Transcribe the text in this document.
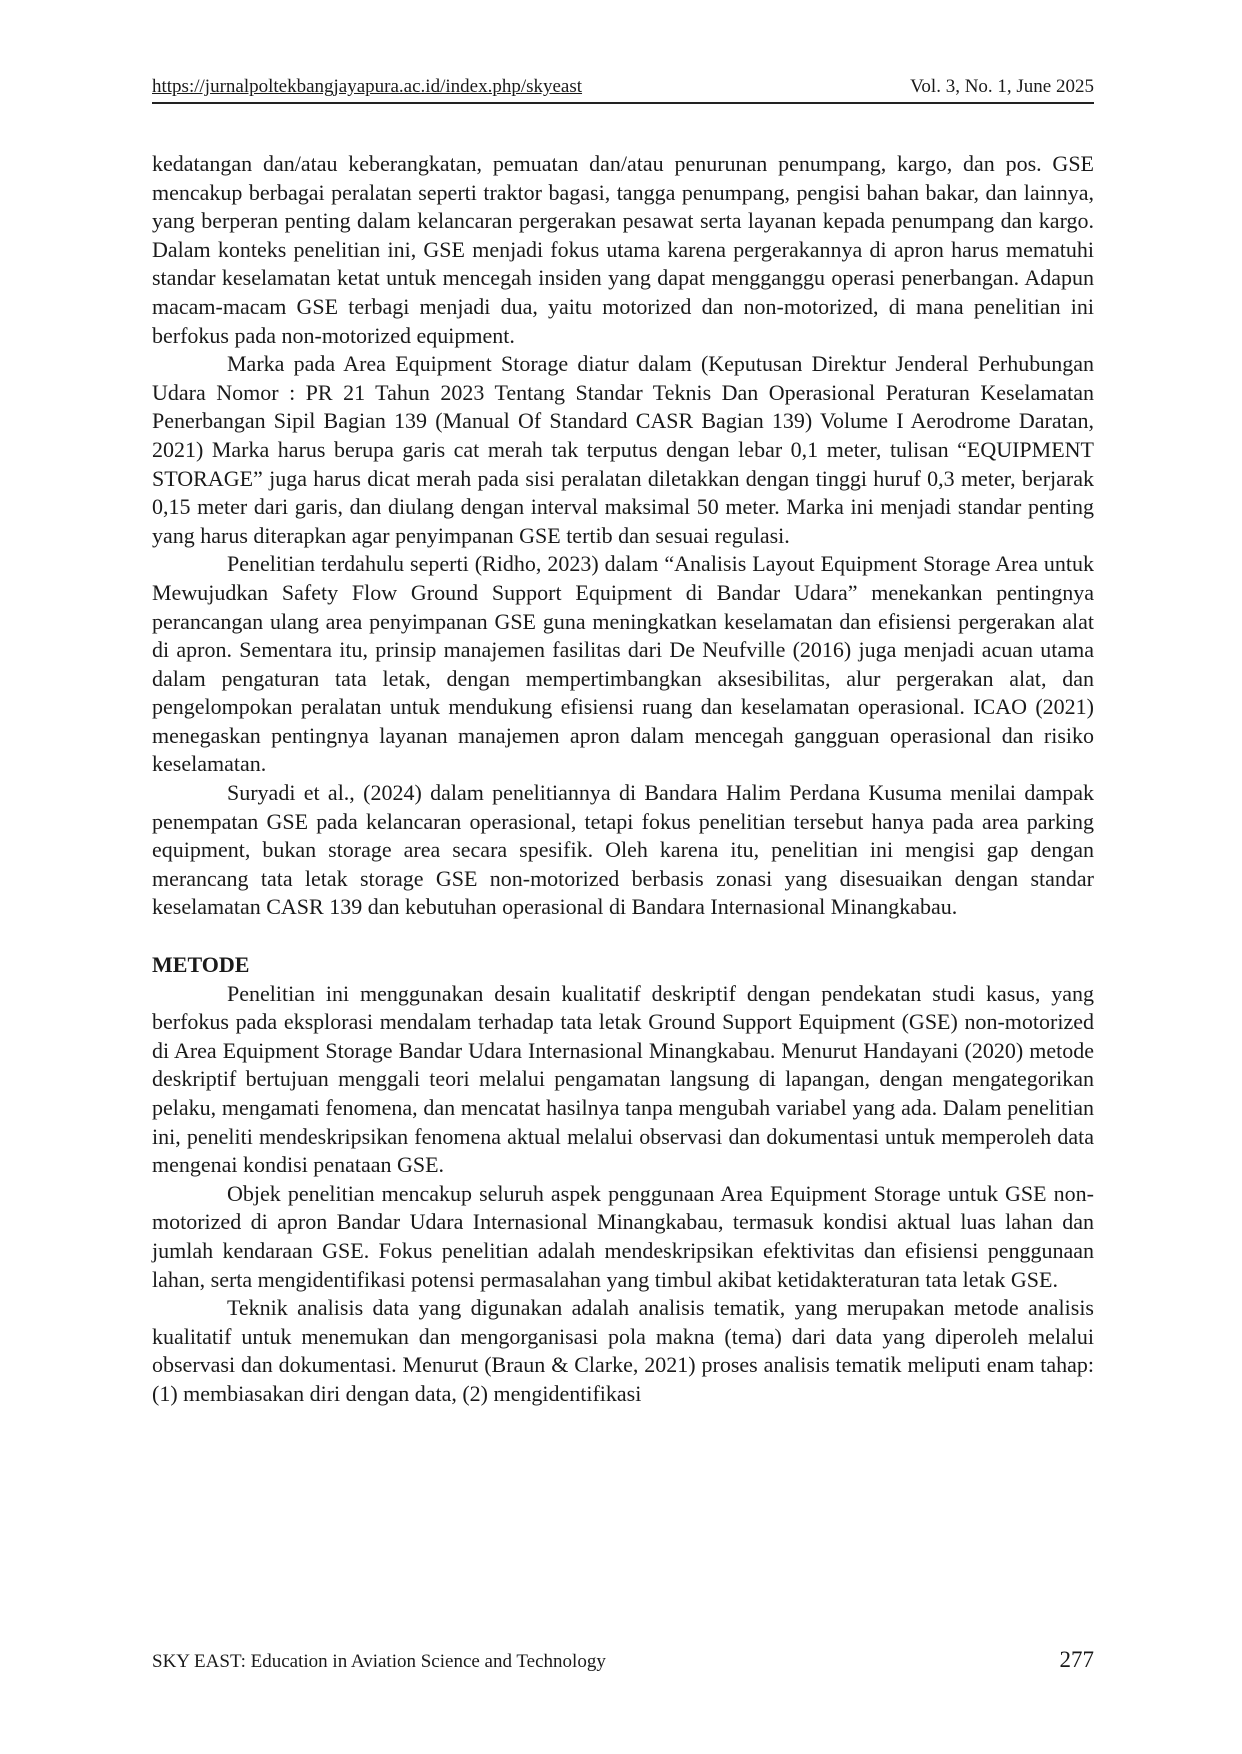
https://jurnalpoltekbangjayapura.ac.id/index.php/skyeast	Vol. 3, No. 1, June 2025

kedatangan dan/atau keberangkatan, pemuatan dan/atau penurunan penumpang, kargo, dan pos. GSE mencakup berbagai peralatan seperti traktor bagasi, tangga penumpang, pengisi bahan bakar, dan lainnya, yang berperan penting dalam kelancaran pergerakan pesawat serta layanan kepada penumpang dan kargo. Dalam konteks penelitian ini, GSE menjadi fokus utama karena pergerakannya di apron harus mematuhi standar keselamatan ketat untuk mencegah insiden yang dapat mengganggu operasi penerbangan. Adapun macam-macam GSE terbagi menjadi dua, yaitu motorized dan non-motorized, di mana penelitian ini berfokus pada non-motorized equipment.

Marka pada Area Equipment Storage diatur dalam (Keputusan Direktur Jenderal Perhubungan Udara Nomor : PR 21 Tahun 2023 Tentang Standar Teknis Dan Operasional Peraturan Keselamatan Penerbangan Sipil Bagian 139 (Manual Of Standard CASR Bagian 139) Volume I Aerodrome Daratan, 2021) Marka harus berupa garis cat merah tak terputus dengan lebar 0,1 meter, tulisan “EQUIPMENT STORAGE” juga harus dicat merah pada sisi peralatan diletakkan dengan tinggi huruf 0,3 meter, berjarak 0,15 meter dari garis, dan diulang dengan interval maksimal 50 meter. Marka ini menjadi standar penting yang harus diterapkan agar penyimpanan GSE tertib dan sesuai regulasi.

Penelitian terdahulu seperti (Ridho, 2023) dalam “Analisis Layout Equipment Storage Area untuk Mewujudkan Safety Flow Ground Support Equipment di Bandar Udara” menekankan pentingnya perancangan ulang area penyimpanan GSE guna meningkatkan keselamatan dan efisiensi pergerakan alat di apron. Sementara itu, prinsip manajemen fasilitas dari De Neufville (2016) juga menjadi acuan utama dalam pengaturan tata letak, dengan mempertimbangkan aksesibilitas, alur pergerakan alat, dan pengelompokan peralatan untuk mendukung efisiensi ruang dan keselamatan operasional. ICAO (2021) menegaskan pentingnya layanan manajemen apron dalam mencegah gangguan operasional dan risiko keselamatan.

Suryadi et al., (2024) dalam penelitiannya di Bandara Halim Perdana Kusuma menilai dampak penempatan GSE pada kelancaran operasional, tetapi fokus penelitian tersebut hanya pada area parking equipment, bukan storage area secara spesifik. Oleh karena itu, penelitian ini mengisi gap dengan merancang tata letak storage GSE non-motorized berbasis zonasi yang disesuaikan dengan standar keselamatan CASR 139 dan kebutuhan operasional di Bandara Internasional Minangkabau.

METODE

Penelitian ini menggunakan desain kualitatif deskriptif dengan pendekatan studi kasus, yang berfokus pada eksplorasi mendalam terhadap tata letak Ground Support Equipment (GSE) non-motorized di Area Equipment Storage Bandar Udara Internasional Minangkabau. Menurut Handayani (2020) metode deskriptif bertujuan menggali teori melalui pengamatan langsung di lapangan, dengan mengategorikan pelaku, mengamati fenomena, dan mencatat hasilnya tanpa mengubah variabel yang ada. Dalam penelitian ini, peneliti mendeskripsikan fenomena aktual melalui observasi dan dokumentasi untuk memperoleh data mengenai kondisi penataan GSE.

Objek penelitian mencakup seluruh aspek penggunaan Area Equipment Storage untuk GSE non-motorized di apron Bandar Udara Internasional Minangkabau, termasuk kondisi aktual luas lahan dan jumlah kendaraan GSE. Fokus penelitian adalah mendeskripsikan efektivitas dan efisiensi penggunaan lahan, serta mengidentifikasi potensi permasalahan yang timbul akibat ketidakteraturan tata letak GSE.

Teknik analisis data yang digunakan adalah analisis tematik, yang merupakan metode analisis kualitatif untuk menemukan dan mengorganisasi pola makna (tema) dari data yang diperoleh melalui observasi dan dokumentasi. Menurut (Braun & Clarke, 2021) proses analisis tematik meliputi enam tahap: (1) membiasakan diri dengan data, (2) mengidentifikasi

SKY EAST: Education in Aviation Science and Technology	277
